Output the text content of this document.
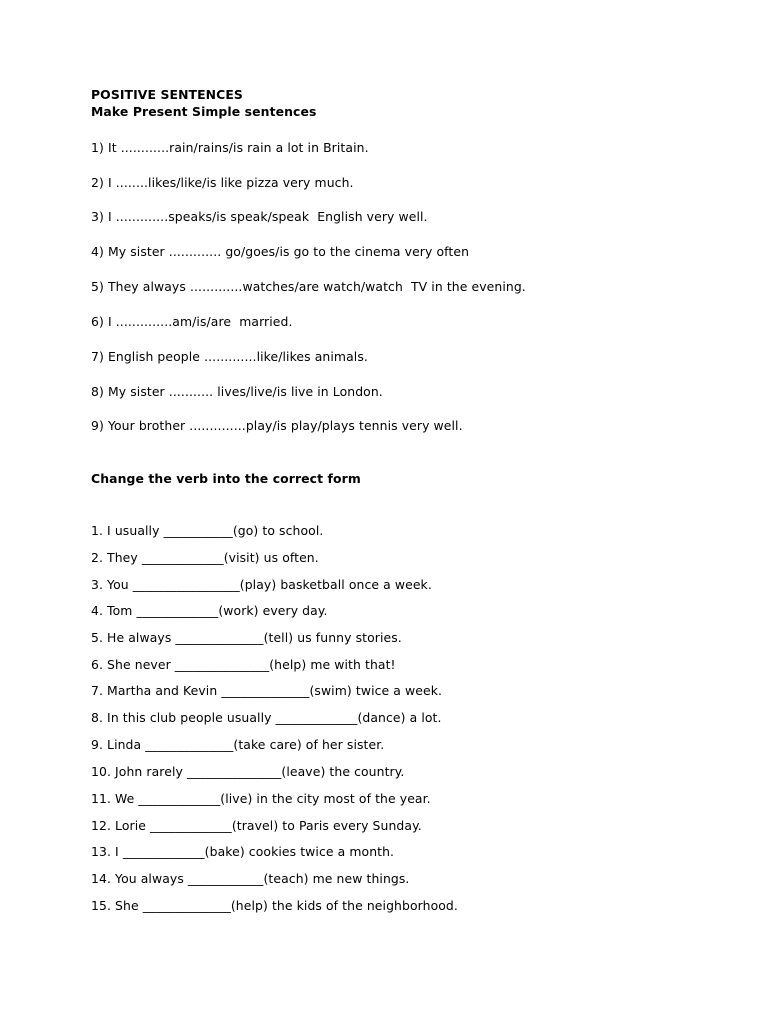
POSITIVE SENTENCES
Make Present Simple sentences
1) It ............rain/rains/is rain a lot in Britain.
2) I ........likes/like/is like pizza very much.
3) I .............speaks/is speak/speak  English very well.
4) My sister ............. go/goes/is go to the cinema very often
5) They always .............watches/are watch/watch  TV in the evening.
6) I ..............am/is/are  married.
7) English people .............like/likes animals.
8) My sister ........... lives/live/is live in London.
9) Your brother ..............play/is play/plays tennis very well.
Change the verb into the correct form
1. I usually ___________(go) to school.
2. They _____________(visit) us often.
3. You _________________(play) basketball once a week.
4. Tom _____________(work) every day.
5. He always ______________(tell) us funny stories.
6. She never _______________(help) me with that!
7. Martha and Kevin ______________(swim) twice a week.
8. In this club people usually _____________(dance) a lot.
9. Linda ______________(take care) of her sister.
10. John rarely _______________(leave) the country.
11. We _____________(live) in the city most of the year.
12. Lorie _____________(travel) to Paris every Sunday.
13. I _____________(bake) cookies twice a month.
14. You always ____________(teach) me new things.
15. She ______________(help) the kids of the neighborhood.
